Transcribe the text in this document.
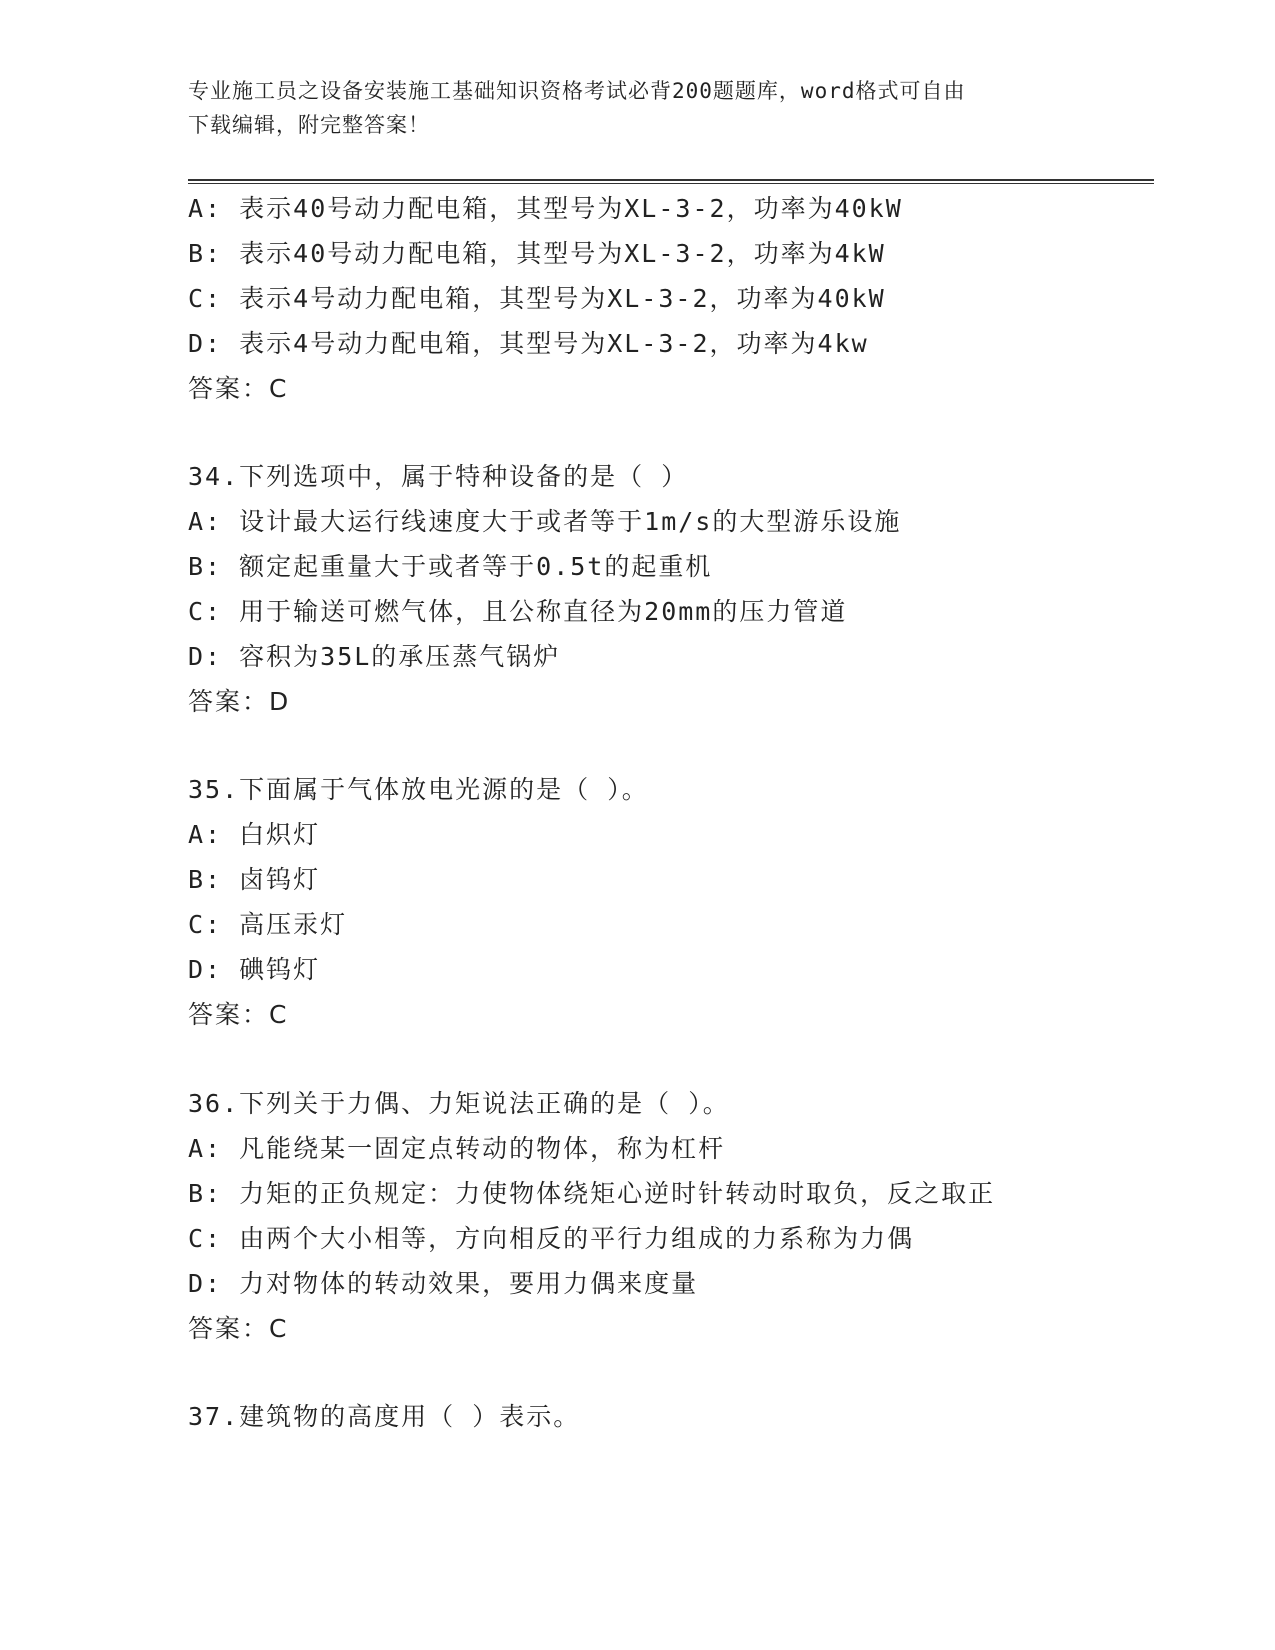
专业施工员之设备安装施工基础知识资格考试必背200题题库，word格式可自由
下载编辑，附完整答案！
A: 表示40号动力配电箱，其型号为XL-3-2，功率为40kW
B: 表示40号动力配电箱，其型号为XL-3-2，功率为4kW
C: 表示4号动力配电箱，其型号为XL-3-2，功率为40kW
D: 表示4号动力配电箱，其型号为XL-3-2，功率为4kw
答案：C
34.下列选项中，属于特种设备的是（ ）
A: 设计最大运行线速度大于或者等于1m/s的大型游乐设施
B: 额定起重量大于或者等于0.5t的起重机
C: 用于输送可燃气体，且公称直径为20mm的压力管道
D: 容积为35L的承压蒸气锅炉
答案：D
35.下面属于气体放电光源的是（ ）。
A: 白炽灯
B: 卤钨灯
C: 高压汞灯
D: 碘钨灯
答案：C
36.下列关于力偶、力矩说法正确的是（ ）。
A: 凡能绕某一固定点转动的物体，称为杠杆
B: 力矩的正负规定：力使物体绕矩心逆时针转动时取负，反之取正
C: 由两个大小相等，方向相反的平行力组成的力系称为力偶
D: 力对物体的转动效果，要用力偶来度量
答案：C
37.建筑物的高度用（ ）表示。
